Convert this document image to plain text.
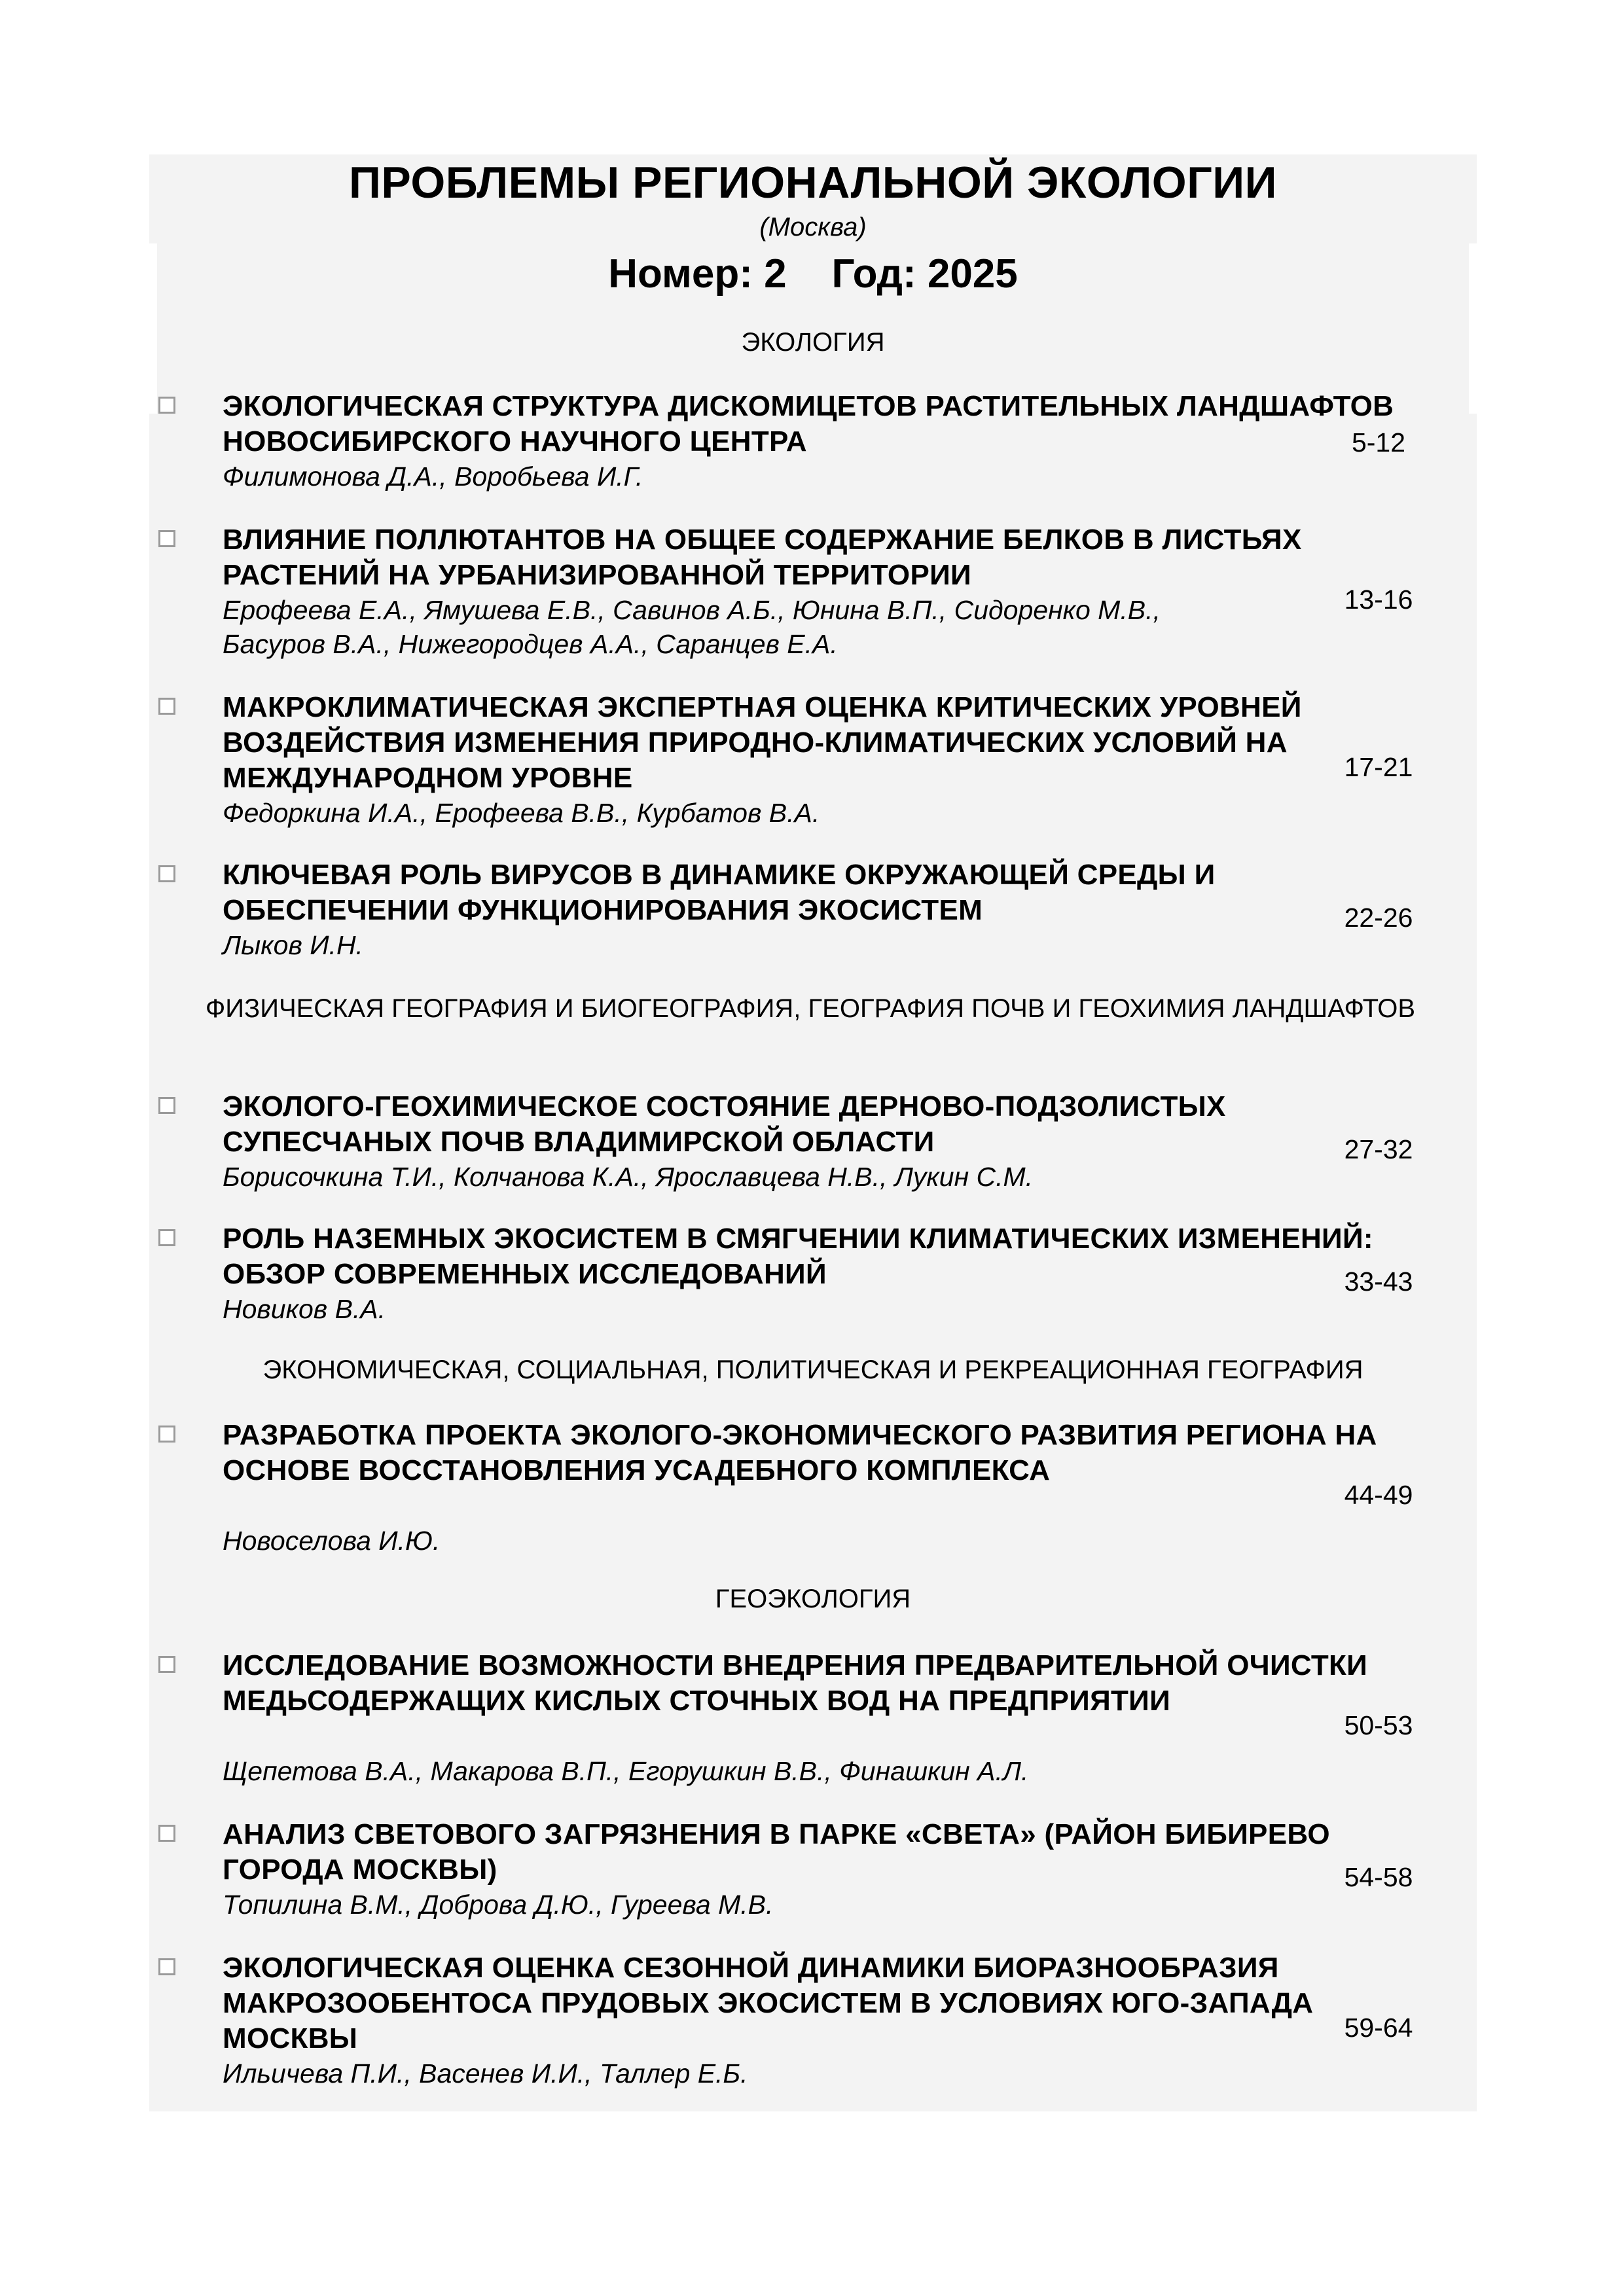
ПРОБЛЕМЫ РЕГИОНАЛЬНОЙ ЭКОЛОГИИ
(Москва)
Номер: 2    Год: 2025
ЭКОЛОГИЯ
ЭКОЛОГИЧЕСКАЯ СТРУКТУРА ДИСКОМИЦЕТОВ РАСТИТЕЛЬНЫХ ЛАНДШАФТОВ НОВОСИБИРСКОГО НАУЧНОГО ЦЕНТРА
Филимонова Д.А., Воробьева И.Г.
5-12
ВЛИЯНИЕ ПОЛЛЮТАНТОВ НА ОБЩЕЕ СОДЕРЖАНИЕ БЕЛКОВ В ЛИСТЬЯХ РАСТЕНИЙ НА УРБАНИЗИРОВАННОЙ ТЕРРИТОРИИ
Ерофеева Е.А., Ямушева Е.В., Савинов А.Б., Юнина В.П., Сидоренко М.В., Басуров В.А., Нижегородцев А.А., Саранцев Е.А.
13-16
МАКРОКЛИМАТИЧЕСКАЯ ЭКСПЕРТНАЯ ОЦЕНКА КРИТИЧЕСКИХ УРОВНЕЙ ВОЗДЕЙСТВИЯ ИЗМЕНЕНИЯ ПРИРОДНО-КЛИМАТИЧЕСКИХ УСЛОВИЙ НА МЕЖДУНАРОДНОМ УРОВНЕ
Федоркина И.А., Ерофеева В.В., Курбатов В.А.
17-21
КЛЮЧЕВАЯ РОЛЬ ВИРУСОВ В ДИНАМИКЕ ОКРУЖАЮЩЕЙ СРЕДЫ И ОБЕСПЕЧЕНИИ ФУНКЦИОНИРОВАНИЯ ЭКОСИСТЕМ
Лыков И.Н.
22-26
ФИЗИЧЕСКАЯ ГЕОГРАФИЯ И БИОГЕОГРАФИЯ, ГЕОГРАФИЯ ПОЧВ И ГЕОХИМИЯ ЛАНДШАФТОВ
ЭКОЛОГО-ГЕОХИМИЧЕСКОЕ СОСТОЯНИЕ ДЕРНОВО-ПОДЗОЛИСТЫХ СУПЕСЧАНЫХ ПОЧВ ВЛАДИМИРСКОЙ ОБЛАСТИ
Борисочкина Т.И., Колчанова К.А., Ярославцева Н.В., Лукин С.М.
27-32
РОЛЬ НАЗЕМНЫХ ЭКОСИСТЕМ В СМЯГЧЕНИИ КЛИМАТИЧЕСКИХ ИЗМЕНЕНИЙ: ОБЗОР СОВРЕМЕННЫХ ИССЛЕДОВАНИЙ
Новиков В.А.
33-43
ЭКОНОМИЧЕСКАЯ, СОЦИАЛЬНАЯ, ПОЛИТИЧЕСКАЯ И РЕКРЕАЦИОННАЯ ГЕОГРАФИЯ
РАЗРАБОТКА ПРОЕКТА ЭКОЛОГО-ЭКОНОМИЧЕСКОГО РАЗВИТИЯ РЕГИОНА НА ОСНОВЕ ВОССТАНОВЛЕНИЯ УСАДЕБНОГО КОМПЛЕКСА
Новоселова И.Ю.
44-49
ГЕОЭКОЛОГИЯ
ИССЛЕДОВАНИЕ ВОЗМОЖНОСТИ ВНЕДРЕНИЯ ПРЕДВАРИТЕЛЬНОЙ ОЧИСТКИ МЕДЬСОДЕРЖАЩИХ КИСЛЫХ СТОЧНЫХ ВОД НА ПРЕДПРИЯТИИ
Щепетова В.А., Макарова В.П., Егорушкин В.В., Финашкин А.Л.
50-53
АНАЛИЗ СВЕТОВОГО ЗАГРЯЗНЕНИЯ В ПАРКЕ «СВЕТА» (РАЙОН БИБИРЕВО ГОРОДА МОСКВЫ)
Топилина В.М., Доброва Д.Ю., Гуреева М.В.
54-58
ЭКОЛОГИЧЕСКАЯ ОЦЕНКА СЕЗОННОЙ ДИНАМИКИ БИОРАЗНООБРАЗИЯ МАКРОЗООБЕНТОСА ПРУДОВЫХ ЭКОСИСТЕМ В УСЛОВИЯХ ЮГО-ЗАПАДА МОСКВЫ
Ильичева П.И., Васенев И.И., Таллер Е.Б.
59-64
